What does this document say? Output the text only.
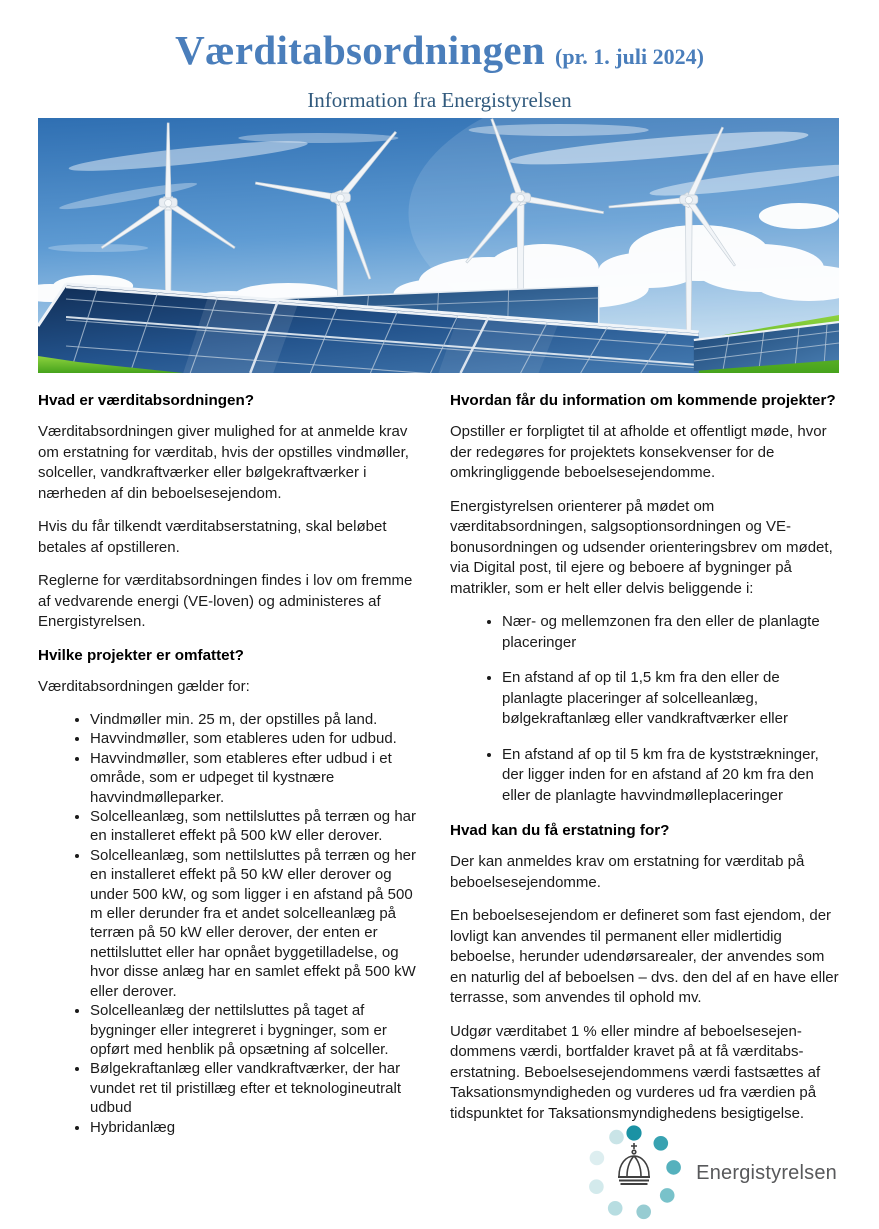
Værditabsordningen (pr. 1. juli 2024)
Information fra Energistyrelsen
Hvad er værditabsordningen?

Værditabsordningen giver mulighed for at anmelde krav om erstatning for værditab, hvis der opstilles vindmøller, solceller, vandkraftværker eller bølgekraftværker i nærheden af din beboelsesejendom.

Hvis du får tilkendt værditabserstatning, skal beløbet betales af opstilleren.

Reglerne for værditabsordningen findes i lov om fremme af vedvarende energi (VE-loven) og administeres af Energistyrelsen.

Hvilke projekter er omfattet?

Værditabsordningen gælder for:

• Vindmøller min. 25 m, der opstilles på land.
• Havvindmøller, som etableres uden for udbud.
• Havvindmøller, som etableres efter udbud i et område, som er udpeget til kystnære havvindmølleparker.
• Solcelleanlæg, som nettilsluttes på terræn og har en installeret effekt på 500 kW eller derover.
• Solcelleanlæg, som nettilsluttes på terræn og her en installeret effekt på 50 kW eller derover og under 500 kW, og som ligger i en afstand på 500 m eller derunder fra et andet solcelleanlæg på terræn på 50 kW eller derover, der enten er nettilsluttet eller har opnået byggetilladelse, og hvor disse anlæg har en samlet effekt på 500 kW eller derover.
• Solcelleanlæg der nettilsluttes på taget af bygninger eller integreret i bygninger, som er opført med henblik på opsætning af solceller.
• Bølgekraftanlæg eller vandkraftværker, der har vundet ret til pristillæg efter et teknologineutralt udbud
• Hybridanlæg
Hvordan får du information om kommende projekter?

Opstiller er forpligtet til at afholde et offentligt møde, hvor der redegøres for projektets konsekvenser for de omkringliggende beboelsesejendomme.

Energistyrelsen orienterer på mødet om værditabsordningen, salgsoptionsordningen og VE-bonusordningen og udsender orienteringsbrev om mødet, via Digital post, til ejere og beboere af bygninger på matrikler, som er helt eller delvis beliggende i:

• Nær- og mellemzonen fra den eller de planlagte placeringer
• En afstand af op til 1,5 km fra den eller de planlagte placeringer af solcelleanlæg, bølgekraftanlæg eller vandkraftværker eller
• En afstand af op til 5 km fra de kyststrækninger, der ligger inden for en afstand af 20 km fra den eller de planlagte havvindmølleplaceringer
Hvad kan du få erstatning for?

Der kan anmeldes krav om erstatning for værditab på beboelsesejendomme.

En beboelsesejendom er defineret som fast ejendom, der lovligt kan anvendes til permanent eller midlertidig beboelse, herunder udendørsarealer, der anvendes som en naturlig del af beboelsen – dvs. den del af en have eller terrasse, som anvendes til ophold mv.

Udgør værditabet 1 % eller mindre af beboelsesejen-dommens værdi, bortfalder kravet på at få værditabs-erstatning. Beboelsesejendommens værdi fastsættes af Taksationsmyndigheden og vurderes ud fra værdien på tidspunktet for Taksationsmyndighedens besigtigelse.

Energistyrelsen
